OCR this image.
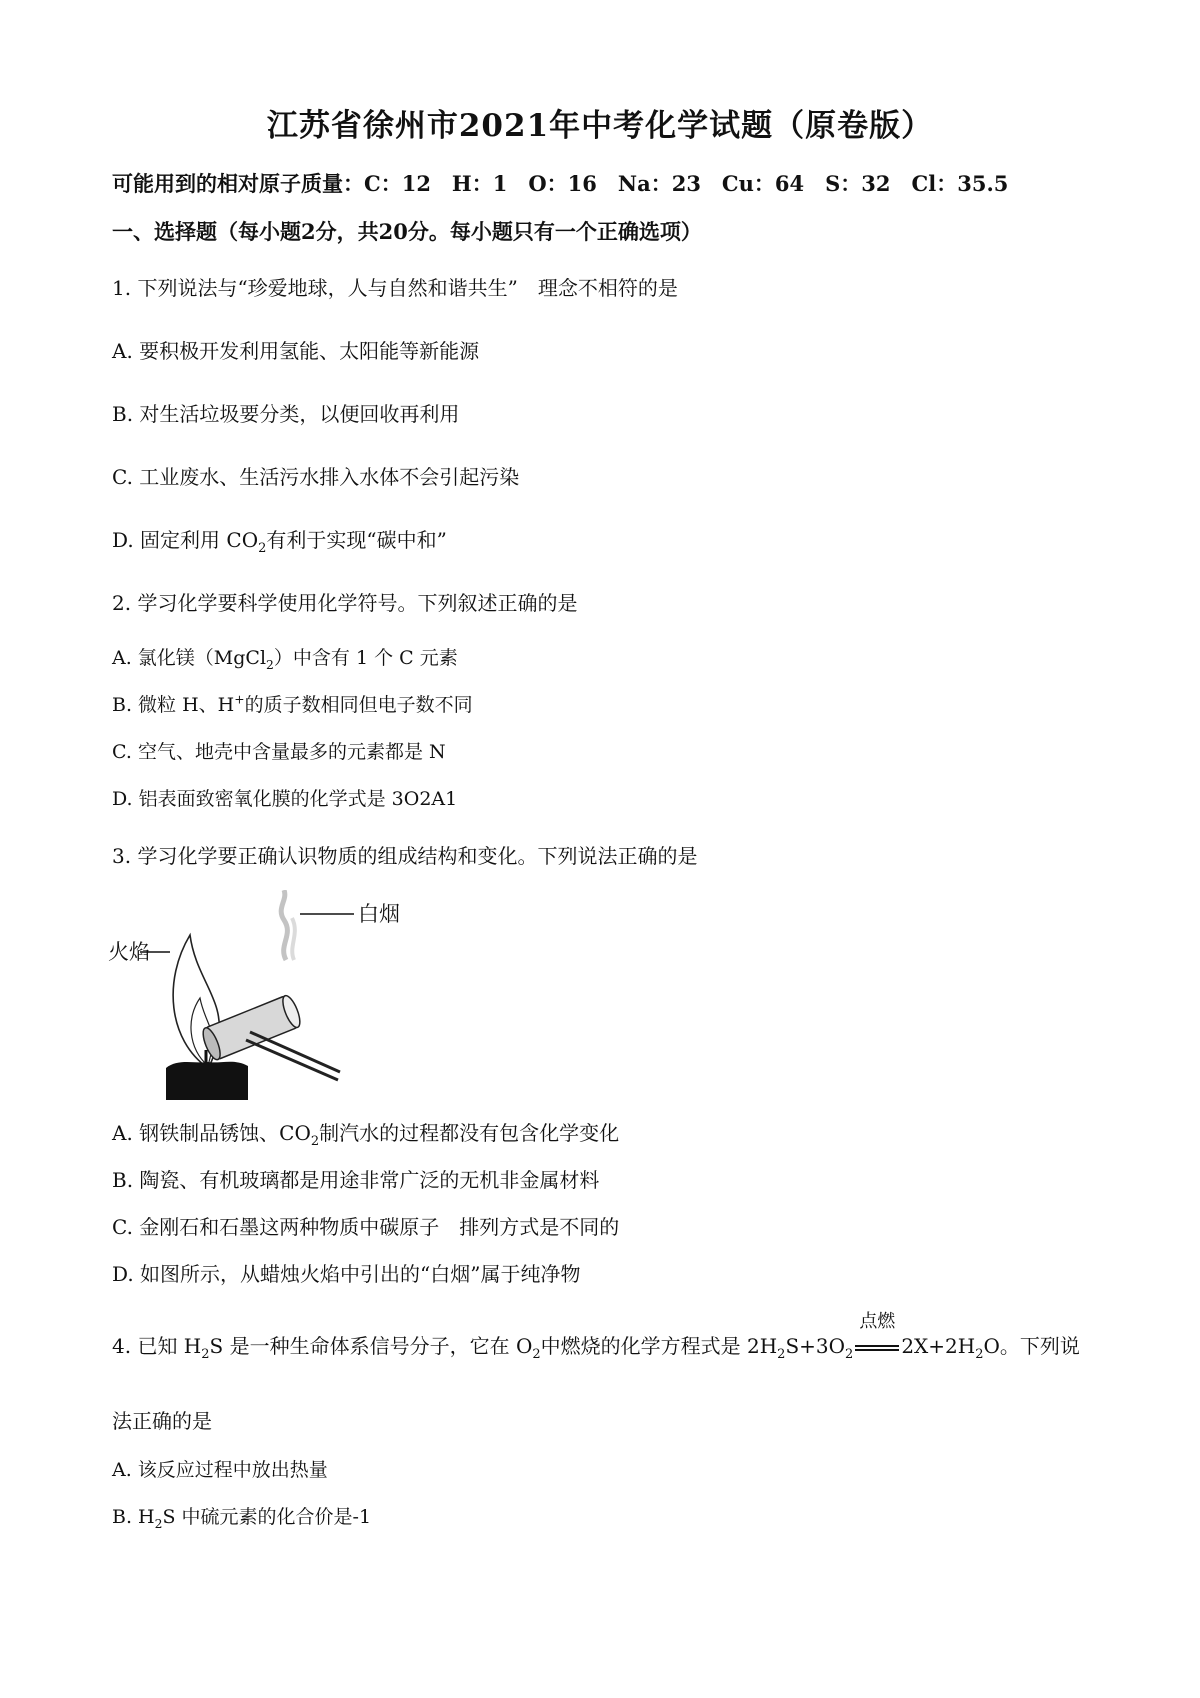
江苏省徐州市2021年中考化学试题（原卷版）
可能用到的相对原子质量：C：12　H：1　O：16　Na：23　Cu：64　S：32　Cl：35.5
一、选择题（每小题2分，共20分。每小题只有一个正确选项）
1. 下列说法与“珍爱地球，人与自然和谐共生”　理念不相符的是
A. 要积极开发利用氢能、太阳能等新能源
B. 对生活垃圾要分类，以便回收再利用
C. 工业废水、生活污水排入水体不会引起污染
D. 固定利用 $CO_2$有利于实现“碳中和”
2. 学习化学要科学使用化学符号。下列叙述正确的是
A. 氯化镁（MgCl$_2$）中含有 1 个 C 元素
B. 微粒 H、H+的质子数相同但电子数不同
C. 空气、地壳中含量最多的元素都是 N
D. 铝表面致密氧化膜的化学式是 3O2A1
3. 学习化学要正确认识物质的组成结构和变化。下列说法正确的是
白烟
火焰
A. 钢铁制品锈蚀、$CO_2$制汽水的过程都没有包含化学变化
B. 陶瓷、有机玻璃都是用途非常广泛的无机非金属材料
C. 金刚石和石墨这两种物质中碳原子　排列方式是不同的
D. 如图所示，从蜡烛火焰中引出的“白烟”属于纯净物
4. 已知 $H_2S$ 是一种生命体系信号分子，它在 $O_2$中燃烧的化学方程式是 $2H_2S+3O_2$
点燃
$2X+2H_2O$。下列说
法正确的是
A. 该反应过程中放出热量
B. $H_2S$ 中硫元素的化合价是-1
